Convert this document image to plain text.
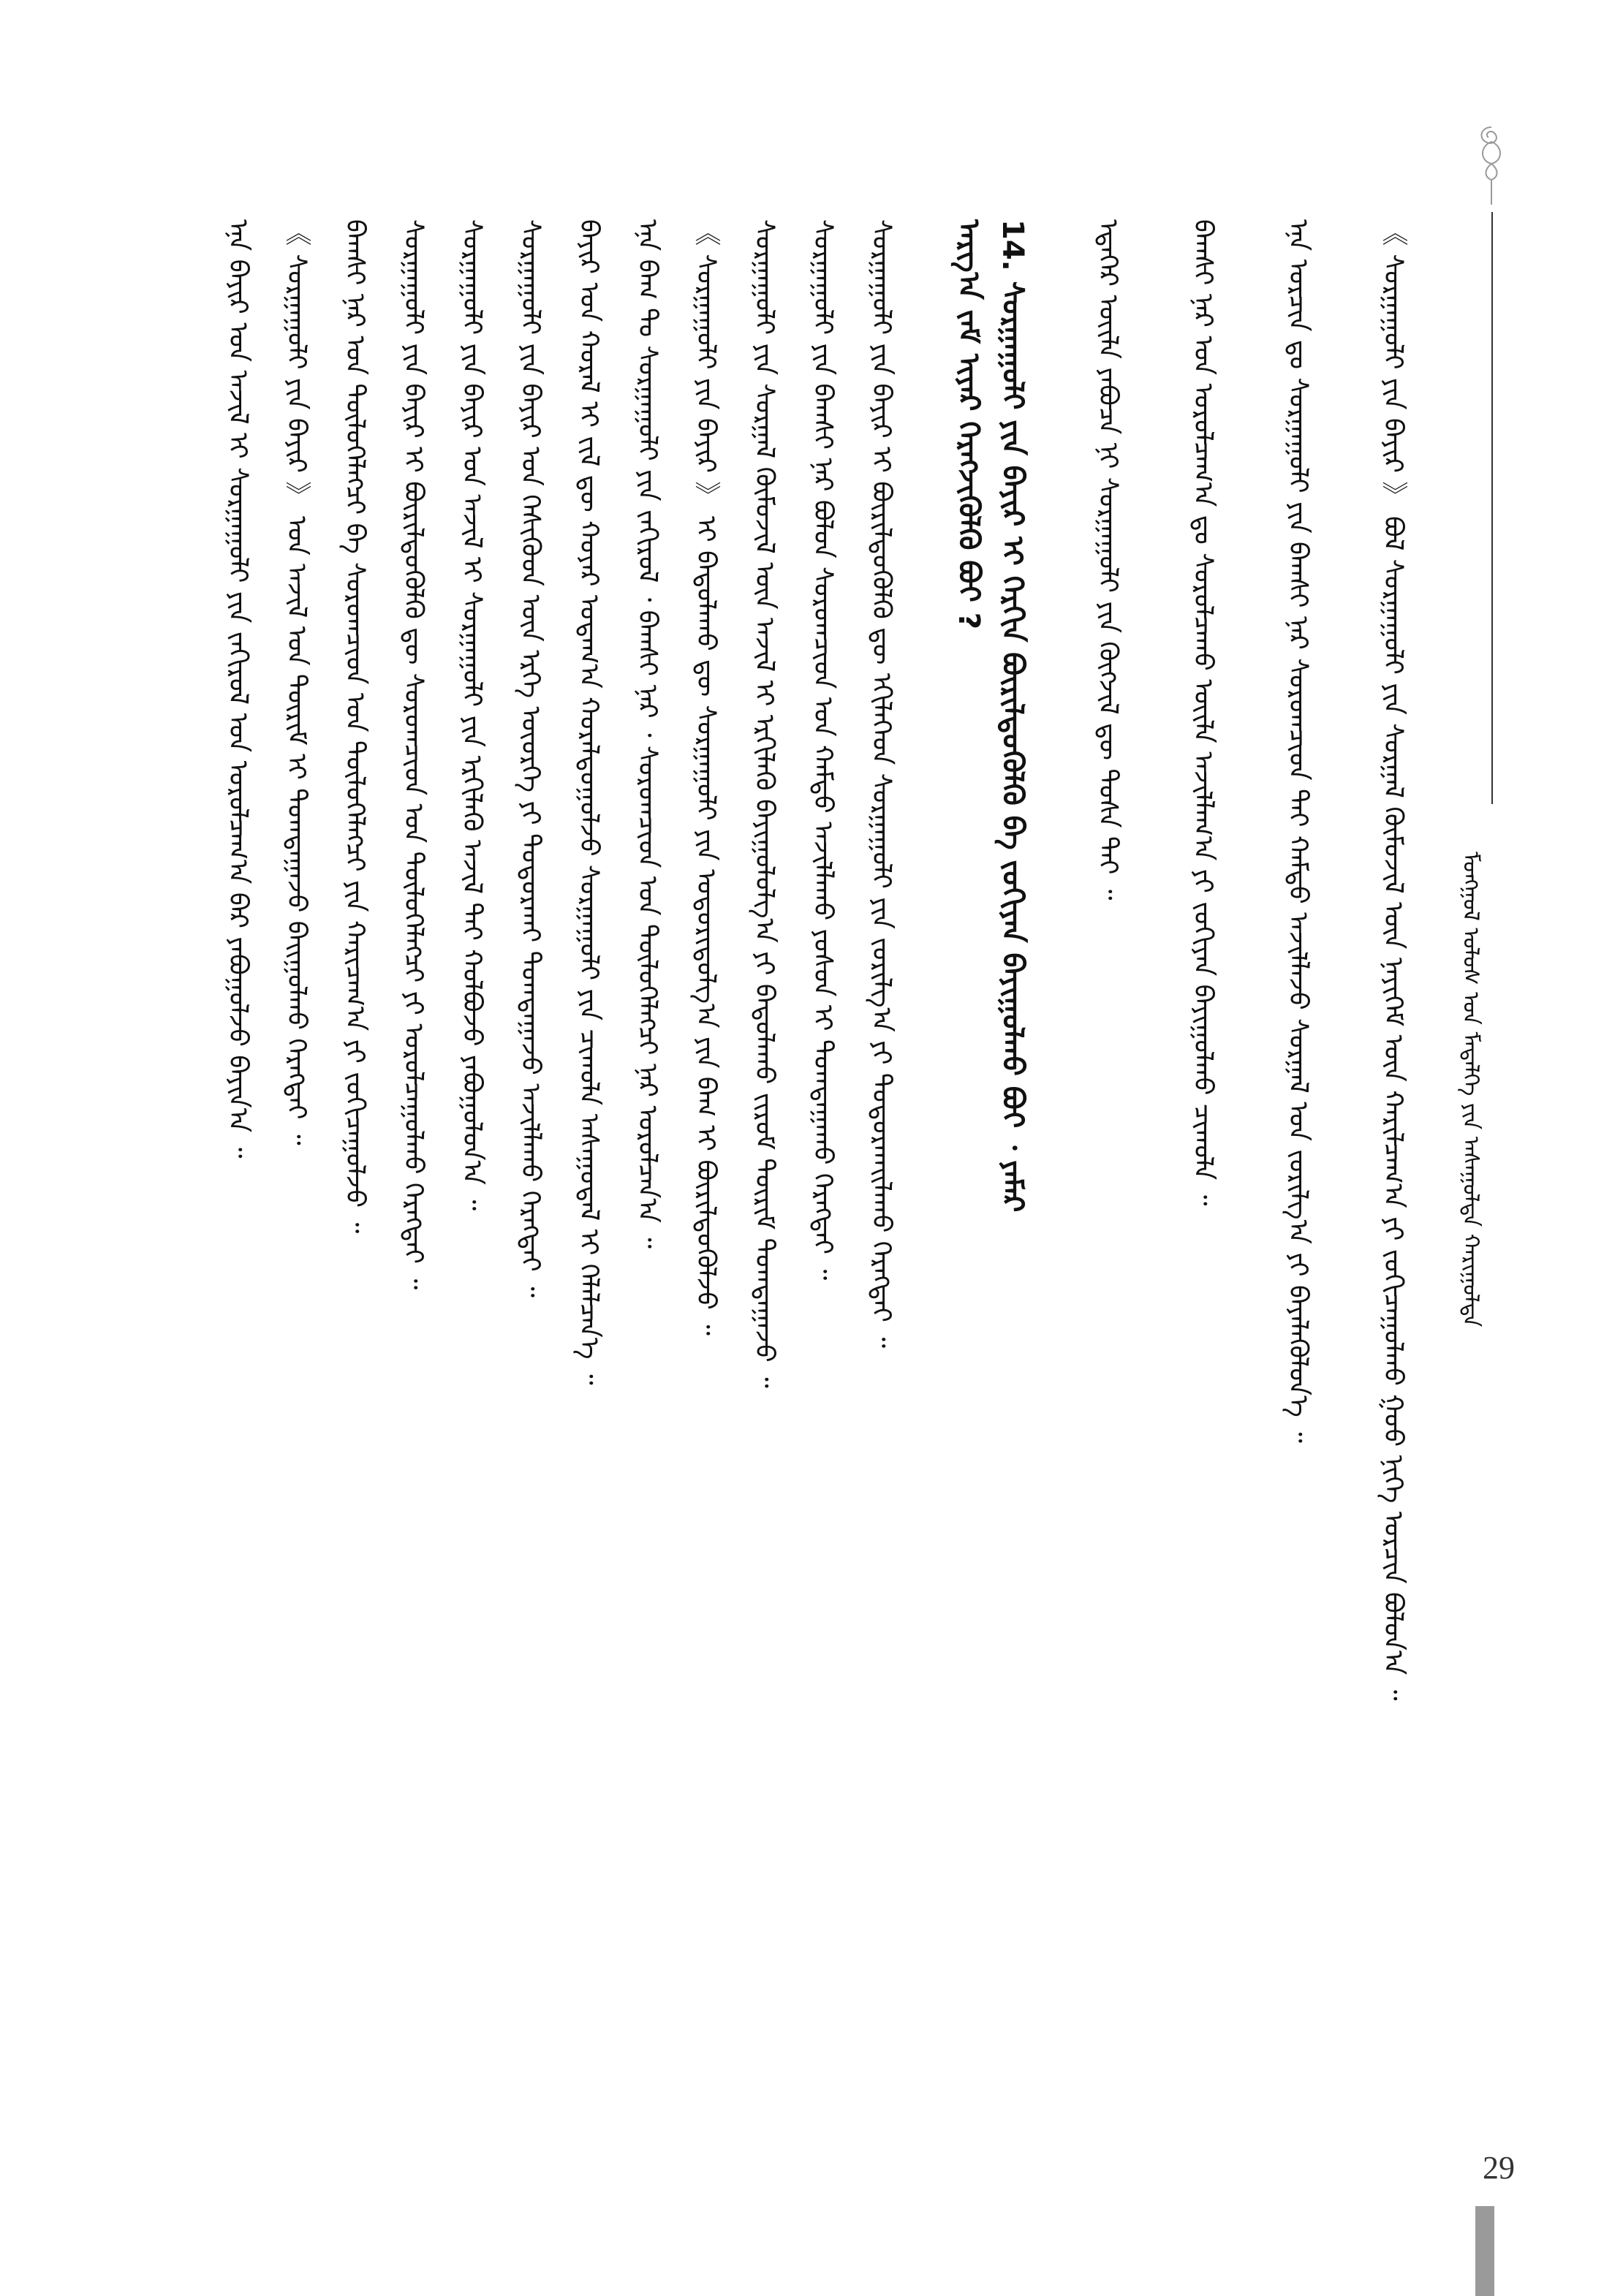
ᠮᠣᠩᠭᠣᠯ ᠤᠯᠤᠰ ᠤᠨ ᠮᠡᠳᠡᠯᠭᠡ ᠶᠢᠨ ᠠᠰᠠᠭᠤᠯᠲᠠ ᠬᠠᠷᠢᠭᠤᠯᠲᠠ
《 ᠰᠤᠷᠭᠠᠭᠤᠯᠢ ᠶᠢᠨ ᠪᠠᠶᠢᠷ 》 ᠪᠣᠯ ᠰᠤᠷᠭᠠᠭᠤᠯᠢ ᠶᠢᠨ ᠰᠤᠷᠭᠠᠯ ᠬᠦᠮᠦᠵᠢᠯ ᠦᠨ ᠨᠡᠶᠢᠭᠡᠮ ᠦᠨ ᠬᠠᠷᠢᠯᠴᠠᠭ᠎ᠠ ᠶᠢ ᠵᠣᠬᠢᠴᠠᠭᠤᠯᠬᠤ ᠭᠣᠤ ᠨᠢᠭᠡ ᠣᠷᠴᠢᠨ ᠪᠣᠯᠤᠨ᠎ᠠ ᠃
ᠡᠨᠡ ᠣᠷᠴᠢᠨ ᠳᠤ ᠰᠤᠷᠭᠠᠭᠤᠯᠢ ᠶᠢᠨ ᠪᠠᠭᠰᠢ ᠨᠠᠷ ᠰᠤᠷᠤᠭᠴᠢᠳ ᠲᠠᠢ ᠬᠠᠮᠲᠤ ᠠᠵᠢᠯᠯᠠᠵᠤ ᠰᠤᠷᠭᠠᠯ ᠤᠨ ᠵᠣᠷᠢᠯᠭ᠎ᠠ ᠶᠢ ᠪᠡᠶᠡᠯᠡᠭᠦᠯᠦᠨ᠎ᠡ ᠃
ᠪᠠᠭᠰᠢ ᠨᠠᠷ ᠤᠨ ᠤᠷᠤᠯᠴᠠᠭ᠎ᠠ ᠳᠤ ᠰᠤᠷᠤᠯᠴᠠᠬᠤ ᠦᠢᠯᠡ ᠠᠵᠢᠯᠯᠠᠭ᠎ᠠ ᠶᠢ ᠵᠣᠬᠢᠶᠠᠨ ᠪᠠᠶᠢᠭᠤᠯᠬᠤ ᠴᠢᠬᠤᠯᠠ ᠃
ᠡᠳᠡᠭᠡᠷ ᠦᠢᠯᠡ ᠶᠠᠪᠤᠴᠠ ᠨᠢ ᠰᠤᠷᠭᠠᠭᠤᠯᠢ ᠶᠢᠨ ᠬᠥᠭᠵᠢᠯ ᠳᠦ ᠲᠤᠰᠠ ᠲᠠᠢ ᠃
14. ᠰᠤᠷᠭᠠᠭᠤᠯᠢ ᠶᠢᠨ ᠪᠠᠶᠢᠷ ᠢ ᠬᠡᠷᠬᠢᠨ ᠪᠦᠷᠢᠯᠳᠦᠭᠦᠯᠬᠦ ᠪᠠ ᠵᠣᠬᠢᠶᠠᠨ ᠪᠠᠶᠢᠭᠤᠯᠬᠤ ᠪᠣᠢ ᠂ ᠶᠠᠮᠠᠷ
ᠠᠷᠭ᠎ᠠ ᠵᠠᠮ ᠢᠶᠠᠷ ᠬᠡᠷᠡᠭᠵᠢᠭᠦᠯᠬᠦ ᠪᠣᠢ ?
ᠰᠤᠷᠭᠠᠭᠤᠯᠢ ᠶᠢᠨ ᠪᠠᠶᠢᠷ ᠢ ᠪᠦᠷᠢᠯᠳᠦᠭᠦᠯᠬᠦ ᠳᠦ ᠡᠬᠢᠯᠡᠭᠡᠳ ᠰᠤᠷᠭᠠᠭᠤᠯᠢ ᠶᠢᠨ ᠵᠣᠷᠢᠯᠭ᠎ᠠ ᠶᠢ ᠲᠣᠳᠣᠷᠬᠠᠢᠯᠠᠬᠤ ᠬᠡᠷᠡᠭᠲᠡᠢ ᠃
ᠰᠤᠷᠭᠠᠭᠤᠯᠢ ᠶᠢᠨ ᠪᠠᠭᠰᠢ ᠨᠠᠷ ᠪᠣᠯᠤᠨ ᠰᠤᠷᠤᠭᠴᠢᠳ ᠤᠨ ᠬᠠᠮᠲᠤ ᠠᠵᠢᠯᠯᠠᠬᠤ ᠶᠣᠰᠣᠨ ᠢ ᠲᠣᠭᠲᠠᠭᠠᠬᠤ ᠬᠡᠷᠡᠭᠲᠡᠢ ᠃
ᠰᠤᠷᠭᠠᠭᠤᠯᠢ ᠶᠢᠨ ᠰᠤᠷᠭᠠᠯ ᠬᠦᠮᠦᠵᠢᠯ ᠦᠨ ᠠᠵᠢᠯ ᠢ ᠡᠷᠬᠢᠯᠡᠬᠦ ᠪᠠᠶᠢᠭᠤᠯᠤᠯᠭ᠎ᠠ ᠶᠢ ᠪᠠᠲᠤᠯᠠᠬᠤ ᠵᠢᠷᠤᠮ ᠳᠦᠷᠢᠮ ᠲᠣᠭᠲᠠᠭᠠᠵᠤ ᠃
《 ᠰᠤᠷᠭᠠᠭᠤᠯᠢ ᠶᠢᠨ ᠪᠠᠶᠢᠷ 》 ᠢ ᠪᠠᠲᠤᠯᠠᠬᠤ ᠳᠦ ᠰᠤᠷᠭᠠᠭᠤᠯᠢ ᠶᠢᠨ ᠤᠳᠤᠷᠢᠳᠤᠯᠭ᠎ᠠ ᠶᠢᠨ ᠪᠠᠭ ᠢ ᠪᠦᠷᠢᠯᠳᠦᠭᠦᠯᠵᠦ ᠃
ᠡᠨᠡ ᠪᠠᠭ ᠲᠤ ᠰᠤᠷᠭᠠᠭᠤᠯᠢ ᠶᠢᠨ ᠵᠠᠬᠢᠷᠤᠯ ᠂ ᠪᠠᠭᠰᠢ ᠨᠠᠷ ᠂ ᠰᠤᠷᠤᠭᠴᠢᠳ ᠤᠨ ᠲᠥᠯᠦᠭᠡᠯᠡᠭᠴᠢ ᠨᠠᠷ ᠣᠷᠤᠯᠴᠠᠨ᠎ᠠ ᠃
ᠪᠠᠶᠢᠷ ᠤᠨ ᠬᠤᠷᠠᠯ ᠢ ᠵᠢᠯ ᠳᠦ ᠬᠣᠶᠠᠷ ᠤᠳᠠᠭ᠎ᠠ ᠬᠤᠷᠠᠯᠳᠤᠭᠤᠯᠵᠤ ᠰᠤᠷᠭᠠᠭᠤᠯᠢ ᠶᠢᠨ ᠴᠢᠬᠤᠯᠠ ᠠᠰᠠᠭᠤᠳᠠᠯ ᠢ ᠬᠡᠯᠡᠯᠴᠡᠨ᠎ᠡ ᠃
ᠰᠤᠷᠭᠠᠭᠤᠯᠢ ᠶᠢᠨ ᠪᠠᠶᠢᠷ ᠤᠨ ᠭᠡᠰᠢᠭᠦᠳ ᠦᠨ ᠡᠷᠬᠡ ᠦᠦᠷᠭᠡ ᠶᠢ ᠲᠣᠳᠣᠷᠬᠠᠶ ᠲᠣᠭᠲᠠᠭᠠᠵᠤ ᠠᠵᠢᠯᠯᠠᠬᠤ ᠬᠡᠷᠡᠭᠲᠡᠢ ᠃
ᠰᠤᠷᠭᠠᠭᠤᠯᠢ ᠶᠢᠨ ᠪᠠᠶᠢᠷ ᠤᠨ ᠠᠵᠢᠯ ᠢ ᠰᠤᠷᠭᠠᠭᠤᠯᠢ ᠶᠢᠨ ᠡᠷᠬᠢᠯᠡᠬᠦ ᠠᠵᠢᠯ ᠲᠠᠢ ᠬᠣᠯᠪᠣᠵᠤ ᠶᠠᠪᠤᠭᠤᠯᠤᠨ᠎ᠠ ᠃
ᠰᠤᠷᠭᠠᠭᠤᠯᠢ ᠶᠢᠨ ᠪᠠᠶᠢᠷ ᠢ ᠪᠦᠷᠢᠯᠳᠦᠭᠦᠯᠬᠦ ᠳᠦ ᠰᠤᠷᠤᠭᠴᠢᠳ ᠤᠨ ᠲᠥᠯᠦᠭᠡᠯᠡᠭᠴᠢ ᠶᠢ ᠣᠷᠤᠯᠴᠠᠭᠤᠯᠬᠤ ᠬᠡᠷᠡᠭᠲᠡᠢ ᠃
ᠪᠠᠭᠰᠢ ᠨᠠᠷ ᠤᠨ ᠲᠥᠯᠦᠭᠡᠯᠡᠭᠴᠢ ᠪᠠ ᠰᠤᠷᠤᠭᠴᠢᠳ ᠤᠨ ᠲᠥᠯᠦᠭᠡᠯᠡᠭᠴᠢ ᠶᠢᠨ ᠬᠠᠷᠢᠴᠠᠭ᠎ᠠ ᠶᠢ ᠵᠣᠬᠢᠴᠠᠭᠤᠯᠵᠤ ᠃
《 ᠰᠤᠷᠭᠠᠭᠤᠯᠢ ᠶᠢᠨ ᠪᠠᠶᠢᠷ 》 ᠤᠨ ᠠᠵᠢᠯ ᠤᠨ ᠳᠦᠷᠢᠮ ᠢ ᠲᠣᠭᠲᠠᠭᠠᠵᠤ ᠪᠠᠢᠭᠤᠯᠬᠤ ᠬᠡᠷᠡᠭᠲᠡᠢ ᠃
ᠡᠨᠡ ᠪᠠᠶᠢᠷ ᠤᠨ ᠠᠵᠢᠯ ᠢ ᠰᠤᠷᠭᠠᠭᠤᠯᠢ ᠶᠢᠨ ᠵᠠᠬᠢᠷᠤᠯ ᠤᠨ ᠣᠷᠤᠯᠴᠠᠭ᠎ᠠ ᠪᠠᠷ ᠶᠠᠪᠤᠭᠤᠯᠵᠤ ᠪᠠᠶᠢᠨ᠎ᠠ ᠃
29
